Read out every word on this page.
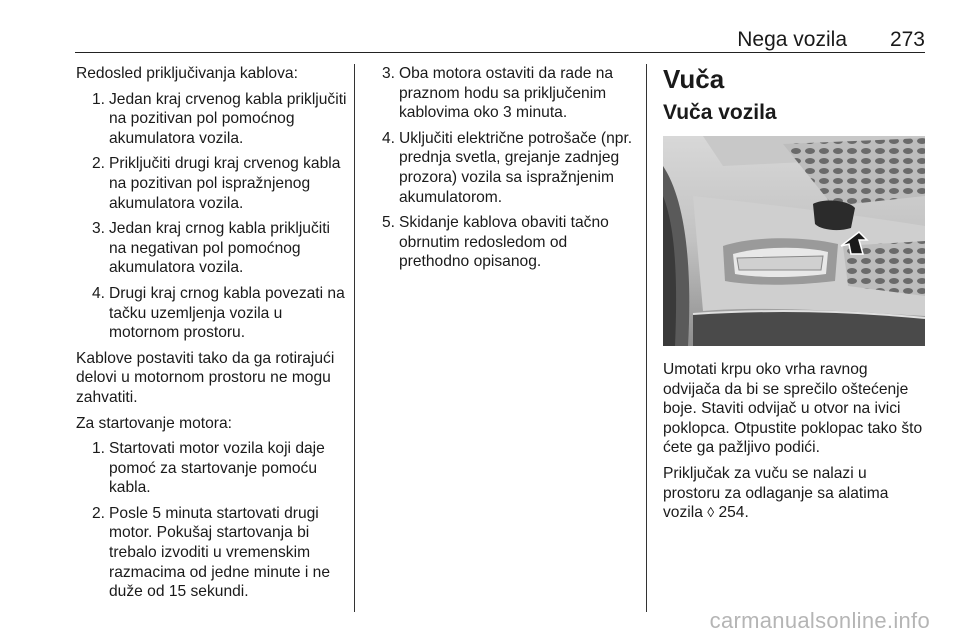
Nega vozila 273

Redosled priključivanja kablova:

1. Jedan kraj crvenog kabla priključiti na pozitivan pol pomoćnog akumulatora vozila.
2. Priključiti drugi kraj crvenog kabla na pozitivan pol ispražnjenog akumulatora vozila.
3. Jedan kraj crnog kabla priključiti na negativan pol pomoćnog akumulatora vozila.
4. Drugi kraj crnog kabla povezati na tačku uzemljenja vozila u motornom prostoru.

Kablove postaviti tako da ga rotirajući delovi u motornom prostoru ne mogu zahvatiti.

Za startovanje motora:

1. Startovati motor vozila koji daje pomoć za startovanje pomoću kabla.
2. Posle 5 minuta startovati drugi motor. Pokušaj startovanja bi trebalo izvoditi u vremenskim razmacima od jedne minute i ne duže od 15 sekundi.
3. Oba motora ostaviti da rade na praznom hodu sa priključenim kablovima oko 3 minuta.
4. Uključiti električne potrošače (npr. prednja svetla, grejanje zadnjeg prozora) vozila sa ispražnjenim akumulatorom.
5. Skidanje kablova obaviti tačno obrnutim redosledom od prethodno opisanog.
Vuča
Vuča vozila

Umotati krpu oko vrha ravnog odvijača da bi se sprečilo oštećenje boje. Staviti odvijač u otvor na ivici poklopca. Otpustite poklopac tako što ćete ga pažljivo podići.

Priključak za vuču se nalazi u prostoru za odlaganje sa alatima vozila ◊ 254.

carmanualsonline.info
